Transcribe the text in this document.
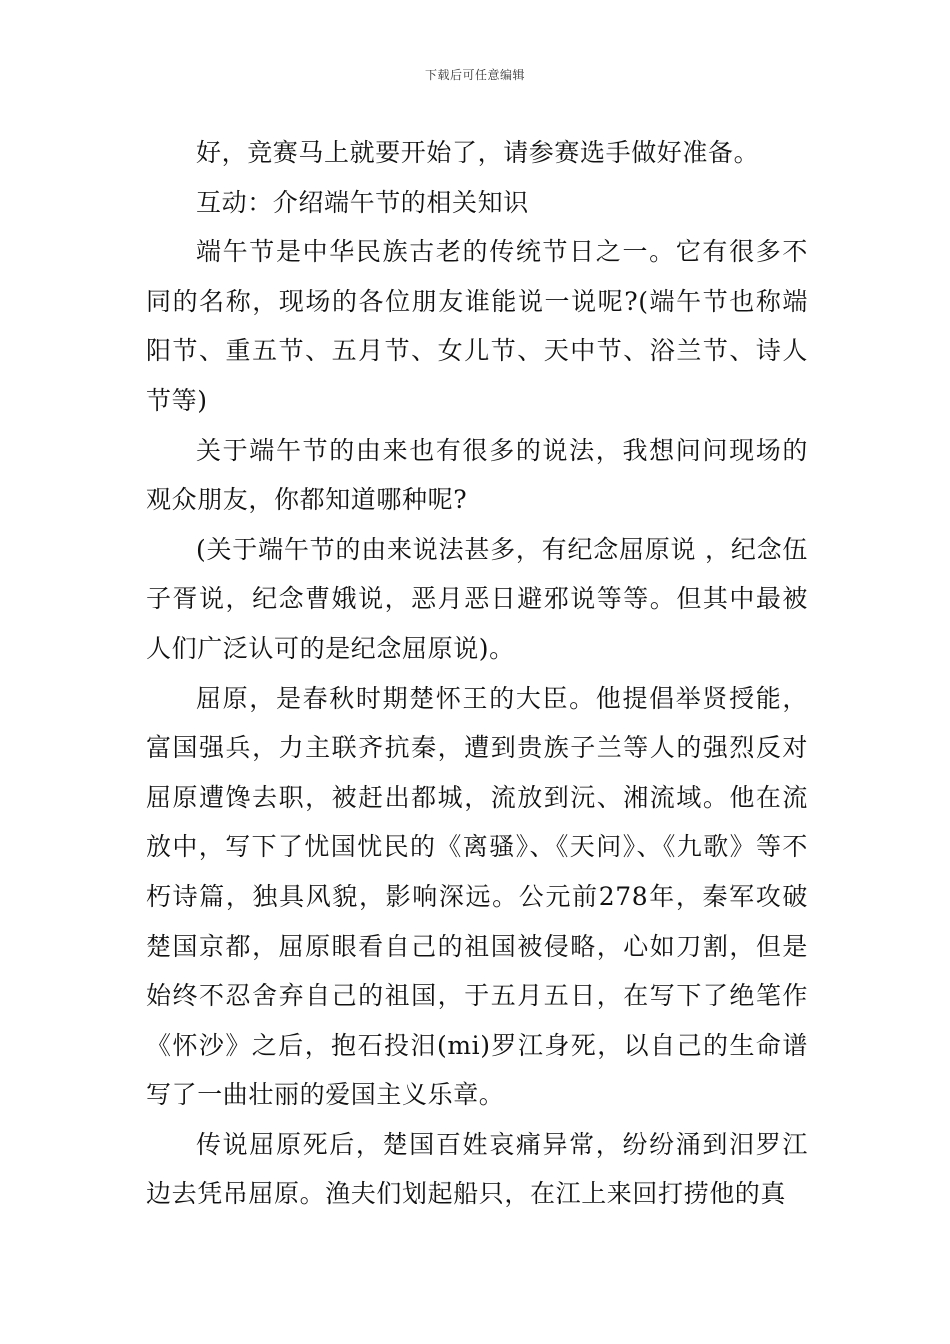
下载后可任意编辑

好，竞赛马上就要开始了，请参赛选手做好准备。

互动：介绍端午节的相关知识

端午节是中华民族古老的传统节日之一。它有很多不同的名称，现场的各位朋友谁能说一说呢?(端午节也称端阳节、重五节、五月节、女儿节、天中节、浴兰节、诗人节等)

关于端午节的由来也有很多的说法，我想问问现场的观众朋友，你都知道哪种呢?

(关于端午节的由来说法甚多，有纪念屈原说 ，纪念伍子胥说，纪念曹娥说，恶月恶日避邪说等等。但其中最被人们广泛认可的是纪念屈原说)。

屈原，是春秋时期楚怀王的大臣。他提倡举贤授能，富国强兵，力主联齐抗秦，遭到贵族子兰等人的强烈反对屈原遭馋去职，被赶出都城，流放到沅、湘流域。他在流放中，写下了忧国忧民的《离骚》、《天问》、《九歌》等不朽诗篇，独具风貌，影响深远。公元前278年，秦军攻破楚国京都，屈原眼看自己的祖国被侵略，心如刀割，但是始终不忍舍弃自己的祖国，于五月五日，在写下了绝笔作《怀沙》之后，抱石投汨(mi)罗江身死，以自己的生命谱写了一曲壮丽的爱国主义乐章。

传说屈原死后，楚国百姓哀痛异常，纷纷涌到汨罗江边去凭吊屈原。渔夫们划起船只，在江上来回打捞他的真
